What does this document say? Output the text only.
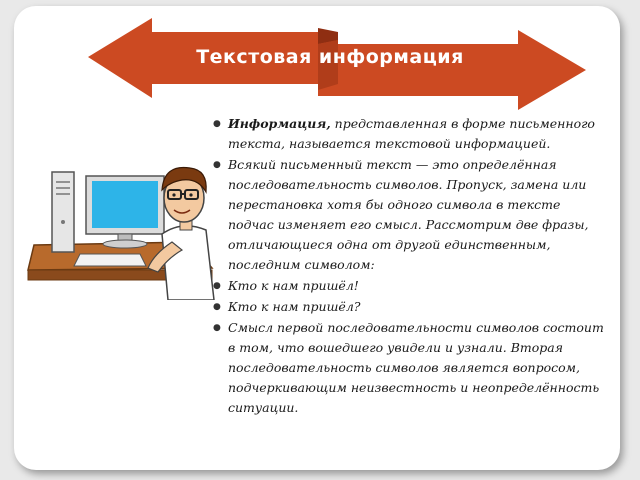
Текстовая информация
● Информация, представленная в форме письменного текста, называется текстовой информацией.
● Всякий письменный текст — это определённая последовательность символов. Пропуск, замена или перестановка хотя бы одного символа в тексте подчас изменяет его смысл. Рассмотрим две фразы, отличающиеся одна от другой единственным, последним символом:
● Кто к нам пришёл!
● Кто к нам пришёл?
● Смысл первой последовательности символов состоит в том, что вошедшего увидели и узнали. Вторая последовательность символов является вопросом, подчеркивающим неизвестность и неопределённость ситуации.
